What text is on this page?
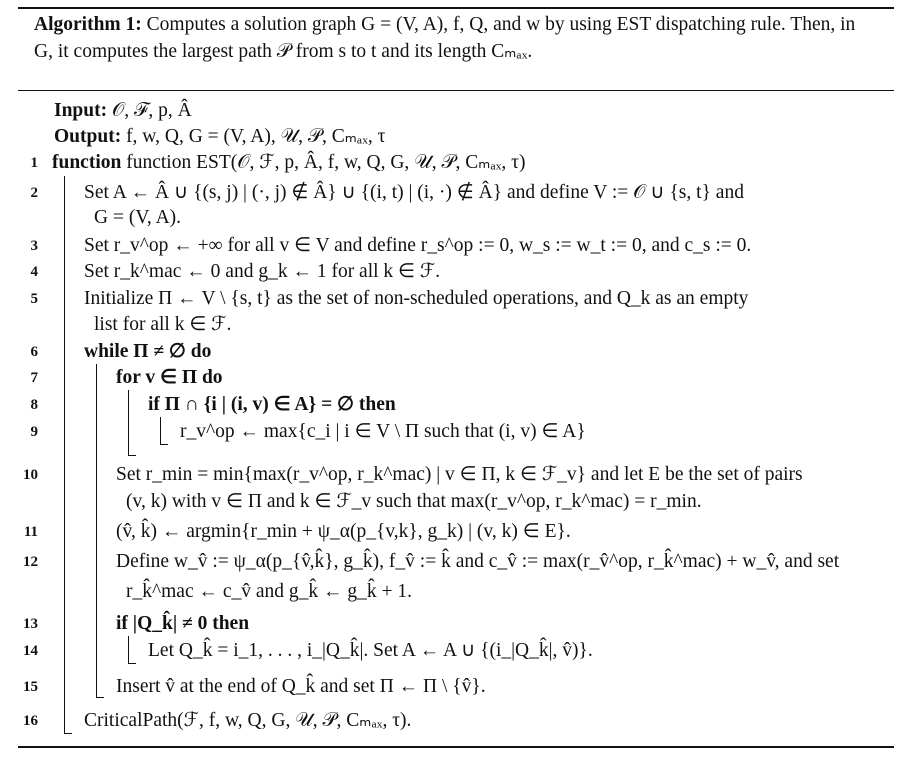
Algorithm 1: Computes a solution graph G = (V, A), f, Q, and w by using EST dispatching rule. Then, in G, it computes the largest path 𝒫 from s to t and its length Cₘₐₓ.
Input: 𝒪, ℱ, p, Â
Output: f, w, Q, G = (V, A), 𝒰, 𝒫, Cₘₐₓ, τ
1 function function EST(𝒪, ℱ, p, Â, f, w, Q, G, 𝒰, 𝒫, Cₘₐₓ, τ)
2 Set A ← Â ∪ {(s, j) | (·, j) ∉ Â} ∪ {(i, t) | (i, ·) ∉ Â} and define V := 𝒪 ∪ {s, t} and
G = (V, A).
3 Set r_v^op ← +∞ for all v ∈ V and define r_s^op := 0, w_s := w_t := 0, and c_s := 0.
4 Set r_k^mac ← 0 and g_k ← 1 for all k ∈ ℱ.
5 Initialize Π ← V \ {s, t} as the set of non-scheduled operations, and Q_k as an empty
list for all k ∈ ℱ.
6 while Π ≠ ∅ do
7	for v ∈ Π do
8	if Π ∩ {i | (i, v) ∈ A} = ∅ then
9	r_v^op ← max{c_i | i ∈ V \ Π such that (i, v) ∈ A}
10	Set r_min = min{max(r_v^op, r_k^mac) | v ∈ Π, k ∈ ℱ_v} and let E be the set of pairs
(v, k) with v ∈ Π and k ∈ ℱ_v such that max(r_v^op, r_k^mac) = r_min.
11	(v̂, k̂) ← argmin{r_min + ψ_α(p_{v,k}, g_k) | (v, k) ∈ E}.
12	Define w_v̂ := ψ_α(p_{v̂,k̂}, g_k̂), f_v̂ := k̂ and c_v̂ := max(r_v̂^op, r_k̂^mac) + w_v̂, and set
r_k̂^mac ← c_v̂ and g_k̂ ← g_k̂ + 1.
13	if |Q_k̂| ≠ 0 then
14	Let Q_k̂ = i_1, . . . , i_|Q_k̂|. Set A ← A ∪ {(i_|Q_k̂|, v̂)}.
15	Insert v̂ at the end of Q_k̂ and set Π ← Π \ {v̂}.
16 CriticalPath(ℱ, f, w, Q, G, 𝒰, 𝒫, Cₘₐₓ, τ).
